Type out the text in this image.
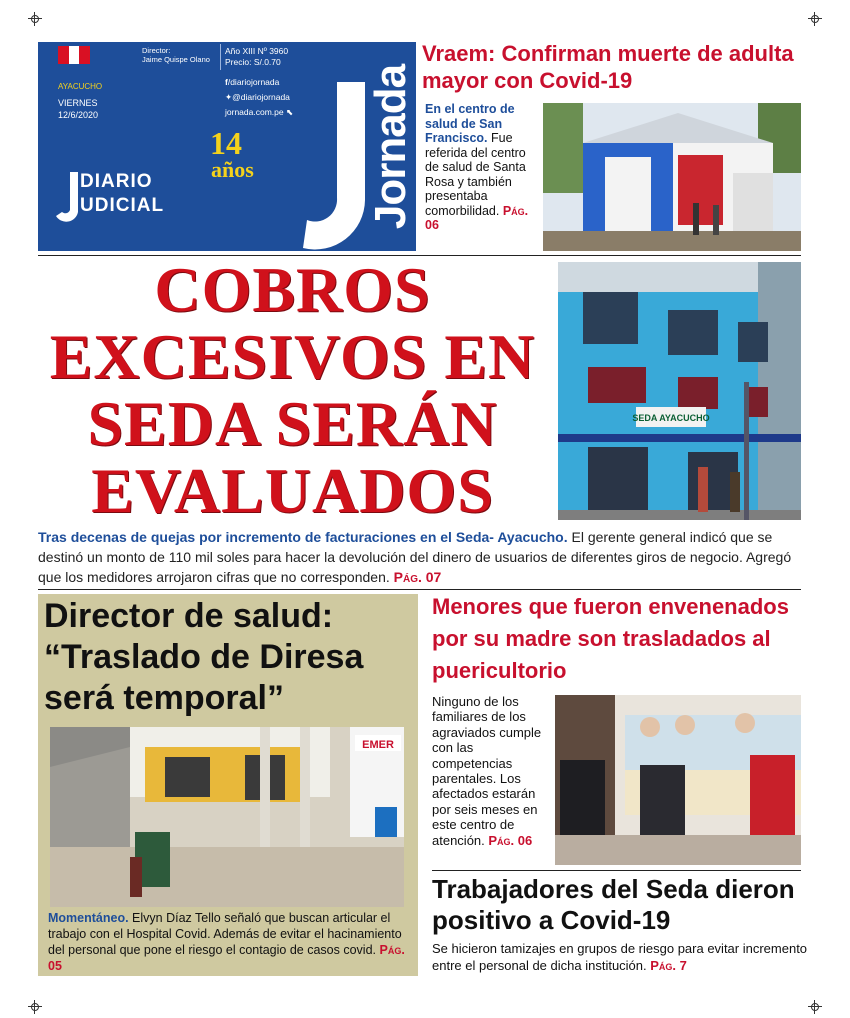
Director:
Jaime Quispe Olano
Año XIII Nº 3960
Precio: S/.0.70
AYACUCHO
VIERNES
12/6/2020
f/diariojornada
✦@diariojornada
jornada.com.pe ⬉
14
años
DIARIO
UDICIAL	Jornada
Vraem: Confirman muerte de adulta mayor con Covid-19
En el centro de salud de San Francisco. Fue referida del centro de salud de Santa Rosa y también presentaba comorbilidad. Pág. 06
COBROS EXCESIVOS EN SEDA SERÁN EVALUADOS
SEDA AYACUCHO
Tras decenas de quejas por incremento de facturaciones en el Seda- Ayacucho. El gerente general indicó que se destinó un monto de 110 mil soles para hacer la devolución del dinero de usuarios de diferentes giros de negocio. Agregó que los medidores arrojaron cifras que no corresponden. Pág. 07
Director de salud: “Traslado de Diresa será temporal”
EMER
Momentáneo. Elvyn Díaz Tello señaló que buscan articular el trabajo con el Hospital Covid. Además de evitar el hacinamiento del personal que pone el riesgo el contagio de casos covid. Pág. 05
Menores que fueron envenenados por su madre son trasladados al puericultorio
Ninguno de los familiares de los agraviados cumple con las competencias parentales. Los afectados estarán por seis meses en este centro de atención. Pág. 06
Trabajadores del Seda dieron positivo a Covid-19
Se hicieron tamizajes en grupos de riesgo para evitar incremento entre el personal de dicha institución. Pág. 7
